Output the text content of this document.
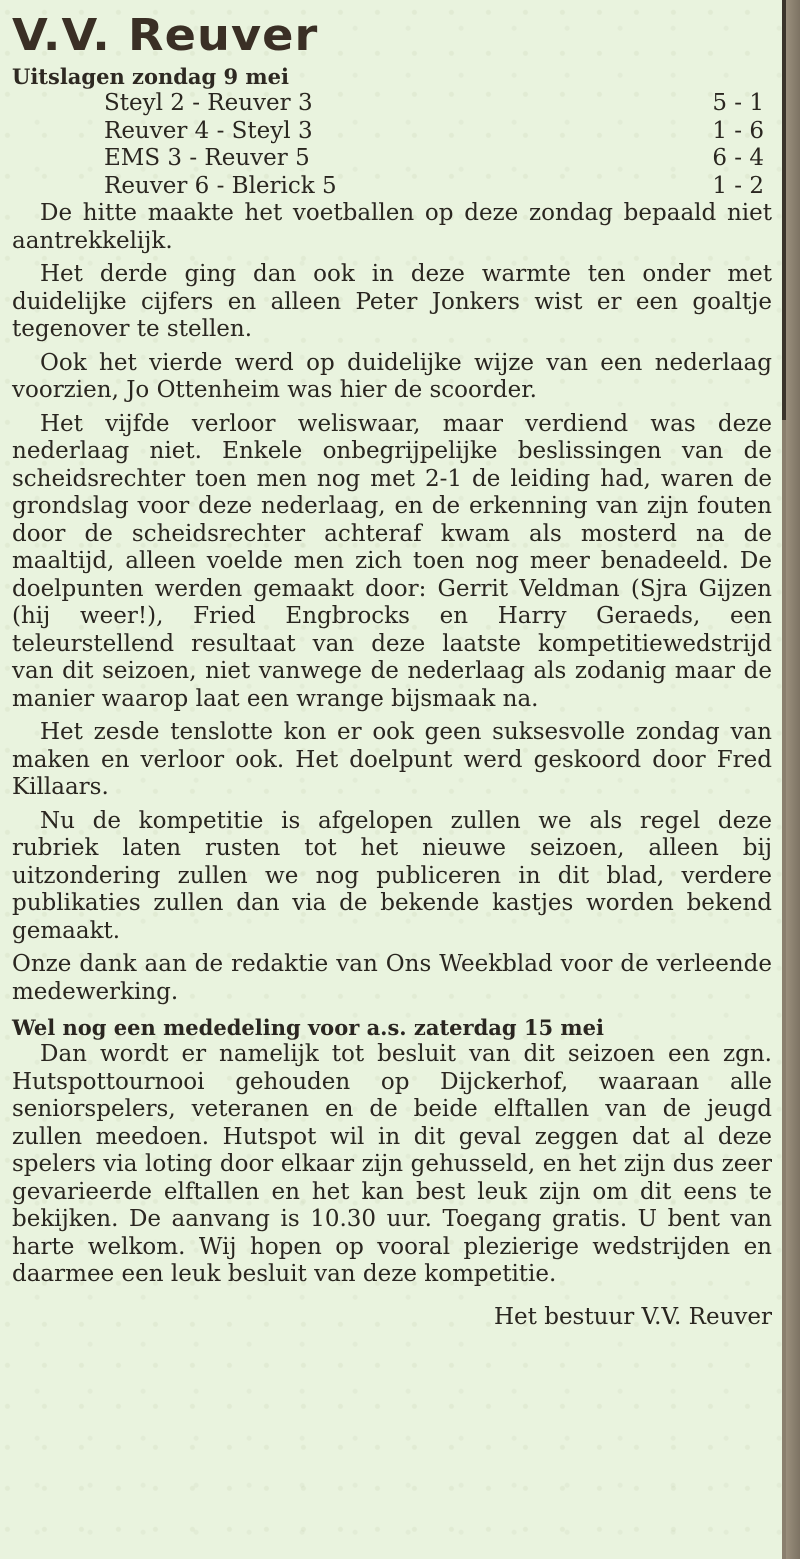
V.V. Reuver
Uitslagen zondag 9 mei
Steyl 2 - Reuver 3	5 - 1
Reuver 4 - Steyl 3	1 - 6
EMS 3 - Reuver 5	6 - 4
Reuver 6 - Blerick 5	1 - 2

De hitte maakte het voetballen op deze zondag bepaald niet aantrekkelijk.

Het derde ging dan ook in deze warmte ten onder met duidelijke cijfers en alleen Peter Jonkers wist er een goaltje tegenover te stellen.

Ook het vierde werd op duidelijke wijze van een nederlaag voorzien, Jo Ottenheim was hier de scoorder.

Het vijfde verloor weliswaar, maar verdiend was deze nederlaag niet. Enkele onbegrijpelijke beslissingen van de scheidsrechter toen men nog met 2-1 de leiding had, waren de grondslag voor deze nederlaag, en de erkenning van zijn fouten door de scheidsrechter achteraf kwam als mosterd na de maaltijd, alleen voelde men zich toen nog meer benadeeld. De doelpunten werden gemaakt door: Gerrit Veldman (Sjra Gijzen (hij weer!), Fried Engbrocks en Harry Geraeds, een teleurstellend resultaat van deze laatste kompetitiewedstrijd van dit seizoen, niet vanwege de nederlaag als zodanig maar de manier waarop laat een wrange bijsmaak na.

Het zesde tenslotte kon er ook geen suksesvolle zondag van maken en verloor ook. Het doelpunt werd geskoord door Fred Killaars.

Nu de kompetitie is afgelopen zullen we als regel deze rubriek laten rusten tot het nieuwe seizoen, alleen bij uitzondering zullen we nog publiceren in dit blad, verdere publikaties zullen dan via de bekende kastjes worden bekend gemaakt.

Onze dank aan de redaktie van Ons Weekblad voor de verleende medewerking.

Wel nog een mededeling voor a.s. zaterdag 15 mei

Dan wordt er namelijk tot besluit van dit seizoen een zgn. Hutspottournooi gehouden op Dijckerhof, waaraan alle seniorspelers, veteranen en de beide elftallen van de jeugd zullen meedoen. Hutspot wil in dit geval zeggen dat al deze spelers via loting door elkaar zijn gehusseld, en het zijn dus zeer gevarieerde elftallen en het kan best leuk zijn om dit eens te bekijken. De aanvang is 10.30 uur. Toegang gratis. U bent van harte welkom. Wij hopen op vooral plezierige wedstrijden en daarmee een leuk besluit van deze kompetitie.

Het bestuur V.V. Reuver
